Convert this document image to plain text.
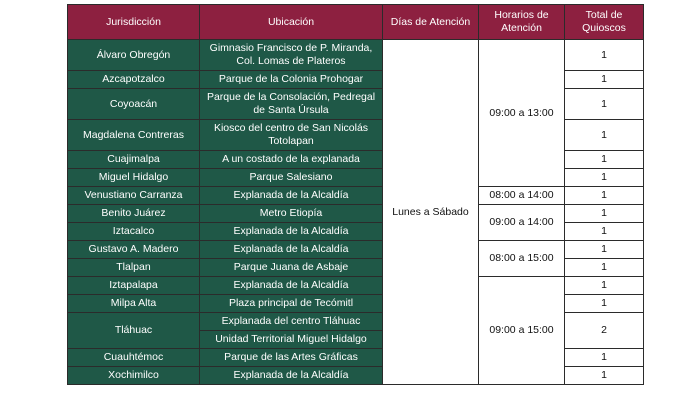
Jurisdicción	Ubicación	Días de Atención	Horarios de Atención	Total de Quioscos
Álvaro Obregón	Gimnasio Francisco de P. Miranda, Col. Lomas de Plateros	Lunes a Sábado	09:00 a 13:00	1
Azcapotzalco	Parque de la Colonia Prohogar			1
Coyoacán	Parque de la Consolación, Pedregal de Santa Úrsula			1
Magdalena Contreras	Kiosco del centro de San Nicolás Totolapan			1
Cuajimalpa	A un costado de la explanada			1
Miguel Hidalgo	Parque Salesiano			1
Venustiano Carranza	Explanada de la Alcaldía		08:00 a 14:00	1
Benito Juárez	Metro Etiopía		09:00 a 14:00	1
Iztacalco	Explanada de la Alcaldía			1
Gustavo A. Madero	Explanada de la Alcaldía		08:00 a 15:00	1
Tlalpan	Parque Juana de Asbaje			1
Iztapalapa	Explanada de la Alcaldía		09:00 a 15:00	1
Milpa Alta	Plaza principal de Tecómitl			1
Tláhuac	Explanada del centro Tláhuac			2
	Unidad Territorial Miguel Hidalgo			
Cuauhtémoc	Parque de las Artes Gráficas			1
Xochimilco	Explanada de la Alcaldía			1
